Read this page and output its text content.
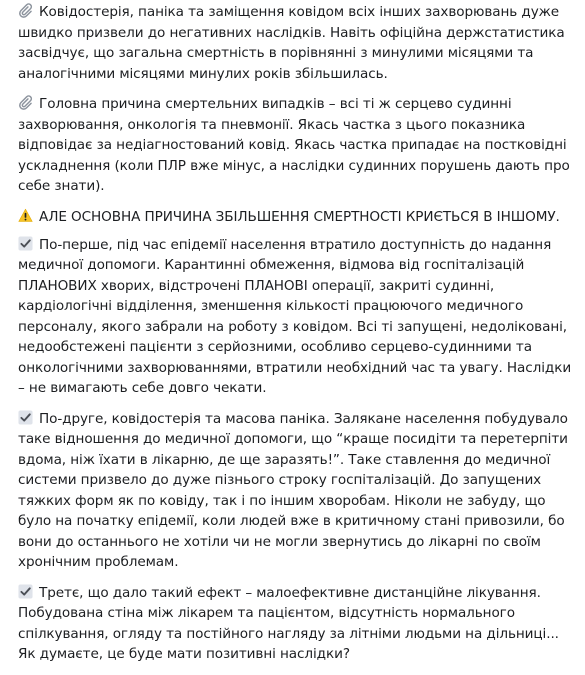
Ковідостерія, паніка та заміщення ковідом всіх інших захворювань дуже швидко призвели до негативних наслідків. Навіть офіційна держстатистика засвідчує, що загальна смертність в порівнянні з минулими місяцями та аналогічними місяцями минулих років збільшилась.

Головна причина смертельних випадків – всі ті ж серцево судинні захворювання, онкологія та пневмонії. Якась частка з цього показника відповідає за недіагностований ковід. Якась частка припадає на постковідні ускладнення (коли ПЛР вже мінус, а наслідки судинних порушень дають про себе знати).

АЛЕ ОСНОВНА ПРИЧИНА ЗБІЛЬШЕННЯ СМЕРТНОСТІ КРИЄТЬСЯ В ІНШОМУ.

По-перше, під час епідемії населення втратило доступність до надання медичної допомоги. Карантинні обмеження, відмова від госпіталізацій ПЛАНОВИХ хворих, відстрочені ПЛАНОВІ операції, закриті судинні, кардіологічні відділення, зменшення кількості працюючого медичного персоналу, якого забрали на роботу з ковідом. Всі ті запущені, недоліковані, недообстежені пацієнти з серйозними, особливо серцево-судинними та онкологічними захворюваннями, втратили необхідний час та увагу. Наслідки – не вимагають себе довго чекати.

По-друге, ковідостерія та масова паніка. Залякане населення побудувало таке відношення до медичної допомоги, що “краще посидіти та перетерпіти вдома, ніж їхати в лікарню, де ще заразять!”. Таке ставлення до медичної системи призвело до дуже пізнього строку госпіталізацій. До запущених тяжких форм як по ковіду, так і по іншим хворобам. Ніколи не забуду, що було на початку епідемії, коли людей вже в критичному стані привозили, бо вони до останнього не хотіли чи не могли звернутись до лікарні по своїм хронічним проблемам.

Третє, що дало такий ефект – малоефективне дистанційне лікування. Побудована стіна між лікарем та пацієнтом, відсутність нормального спілкування, огляду та постійного нагляду за літніми людьми на дільниці... Як думаєте, це буде мати позитивні наслідки?
